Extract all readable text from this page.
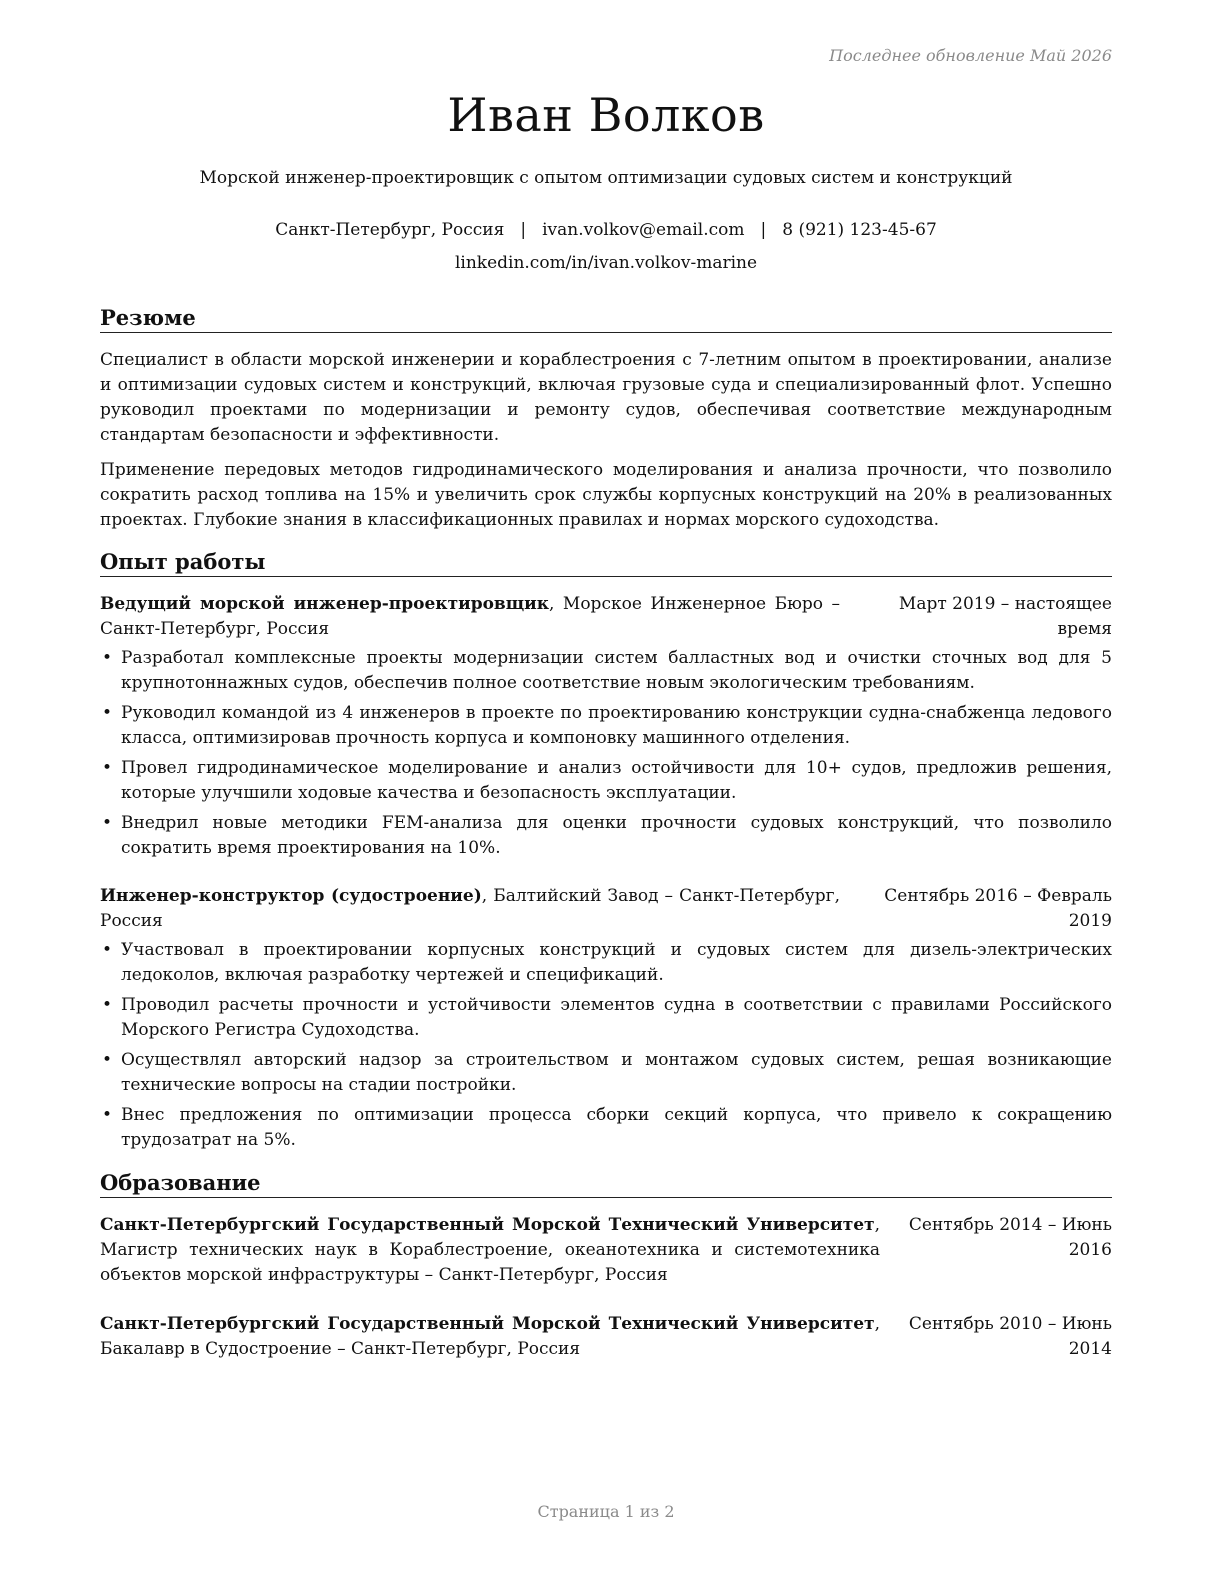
Последнее обновление Май 2026
Иван Волков
Морской инженер-проектировщик с опытом оптимизации судовых систем и конструкций
Санкт-Петербург, Россия | ivan.volkov@email.com | 8 (921) 123-45-67
linkedin.com/in/ivan.volkov-marine
Резюме

Специалист в области морской инженерии и кораблестроения с 7-летним опытом в проектировании, анализе и оптимизации судовых систем и конструкций, включая грузовые суда и специализированный флот. Успешно руководил проектами по модернизации и ремонту судов, обеспечивая соответствие международным стандартам безопасности и эффективности.

Применение передовых методов гидродинамического моделирования и анализа прочности, что позволило сократить расход топлива на 15% и увеличить срок службы корпусных конструкций на 20% в реализованных проектах. Глубокие знания в классификационных правилах и нормах морского судоходства.

Опыт работы
Ведущий морской инженер-проектировщик, Морское Инженерное Бюро – Санкт-Петербург, Россия
Март 2019 – настоящее время
• Разработал комплексные проекты модернизации систем балластных вод и очистки сточных вод для 5 крупнотоннажных судов, обеспечив полное соответствие новым экологическим требованиям.
• Руководил командой из 4 инженеров в проекте по проектированию конструкции судна-снабженца ледового класса, оптимизировав прочность корпуса и компоновку машинного отделения.
• Провел гидродинамическое моделирование и анализ остойчивости для 10+ судов, предложив решения, которые улучшили ходовые качества и безопасность эксплуатации.
• Внедрил новые методики FEM-анализа для оценки прочности судовых конструкций, что позволило сократить время проектирования на 10%.
Инженер-конструктор (судостроение), Балтийский Завод – Санкт-Петербург, Россия
Сентябрь 2016 – Февраль 2019
• Участвовал в проектировании корпусных конструкций и судовых систем для дизель-электрических ледоколов, включая разработку чертежей и спецификаций.
• Проводил расчеты прочности и устойчивости элементов судна в соответствии с правилами Российского Морского Регистра Судоходства.
• Осуществлял авторский надзор за строительством и монтажом судовых систем, решая возникающие технические вопросы на стадии постройки.
• Внес предложения по оптимизации процесса сборки секций корпуса, что привело к сокращению трудозатрат на 5%.
Образование
Санкт-Петербургский Государственный Морской Технический Университет, Магистр технических наук в Кораблестроение, океанотехника и системотехника объектов морской инфраструктуры – Санкт-Петербург, Россия
Сентябрь 2014 – Июнь 2016
Санкт-Петербургский Государственный Морской Технический Университет, Бакалавр в Судостроение – Санкт-Петербург, Россия
Сентябрь 2010 – Июнь 2014
Страница 1 из 2
